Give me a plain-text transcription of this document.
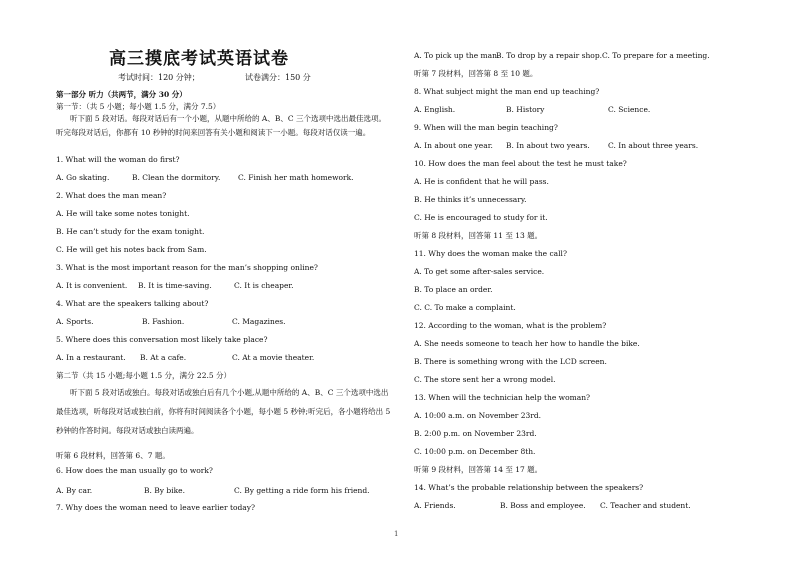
高三摸底考试英语试卷
考试时间：120 分钟；	试卷满分：150 分
第一部分 听力（共两节，满分 30 分）
第一节：（共 5 小题；每小题 1.5 分，满分 7.5）
听下面 5 段对话。每段对话后有一个小题，从题中所给的 A、B、C 三个选项中选出最佳选项。听完每段对话后，你都有 10 秒钟的时间来回答有关小题和阅读下一小题。每段对话仅读一遍。
1. What will the woman do first?
A. Go skating.	B. Clean the dormitory. C. Finish her math homework.
2. What does the man mean?
A. He will take some notes tonight.
B. He can’t study for the exam tonight.
C. He will get his notes back from Sam.
3. What is the most important reason for the man’s shopping online?
A. It is convenient. B. It is time-saving.	C. It is cheaper.
4. What are the speakers talking about?
A. Sports.	B. Fashion.	C. Magazines.
5. Where does this conversation most likely take place?
A. In a restaurant. B. At a cafe.	C. At a movie theater.
第二节（共 15 小题;每小题 1.5 分，满分 22.5 分）
听下面 5 段对话或独白。每段对话或独白后有几个小题,从题中所给的 A、B、C 三个选项中选出最佳选项，听每段对话或独白前，你将有时间阅读各个小题，每小题 5 秒钟;听完后，各小题将给出 5 秒钟的作答时间。每段对话或独白读两遍。
听第 6 段材料，回答第 6、7 题。
6. How does the man usually go to work?
A. By car.	B. By bike.	C. By getting a ride form his friend.
7. Why does the woman need to leave earlier today?
A. To pick up the man.
B. To drop by a repair shop. C. To prepare for a meeting.
听第 7 段材料，回答第 8 至 10 题。
8. What subject might the man end up teaching?
A. English.	B. History	C. Science.
9. When will the man begin teaching?
A. In about one year. B. In about two years. C. In about three years.
10. How does the man feel about the test he must take?
A. He is confident that he will pass.
B. He thinks it’s unnecessary.
C. He is encouraged to study for it.
听第 8 段材料，回答第 11 至 13 题。
11. Why does the woman make the call?
A. To get some after-sales service.
B. To place an order.
C. C. To make a complaint.
12. According to the woman, what is the problem?
A. She needs someone to teach her how to handle the bike.
B. There is something wrong with the LCD screen.
C. The store sent her a wrong model.
13. When will the technician help the woman?
A. 10:00 a.m. on November 23rd.
B. 2:00 p.m. on November 23rd.
C. 10:00 p.m. on December 8th.
听第 9 段材料，回答第 14 至 17 题。
14. What’s the probable relationship between the speakers?
A. Friends.	B. Boss and employee. C. Teacher and student.
1
